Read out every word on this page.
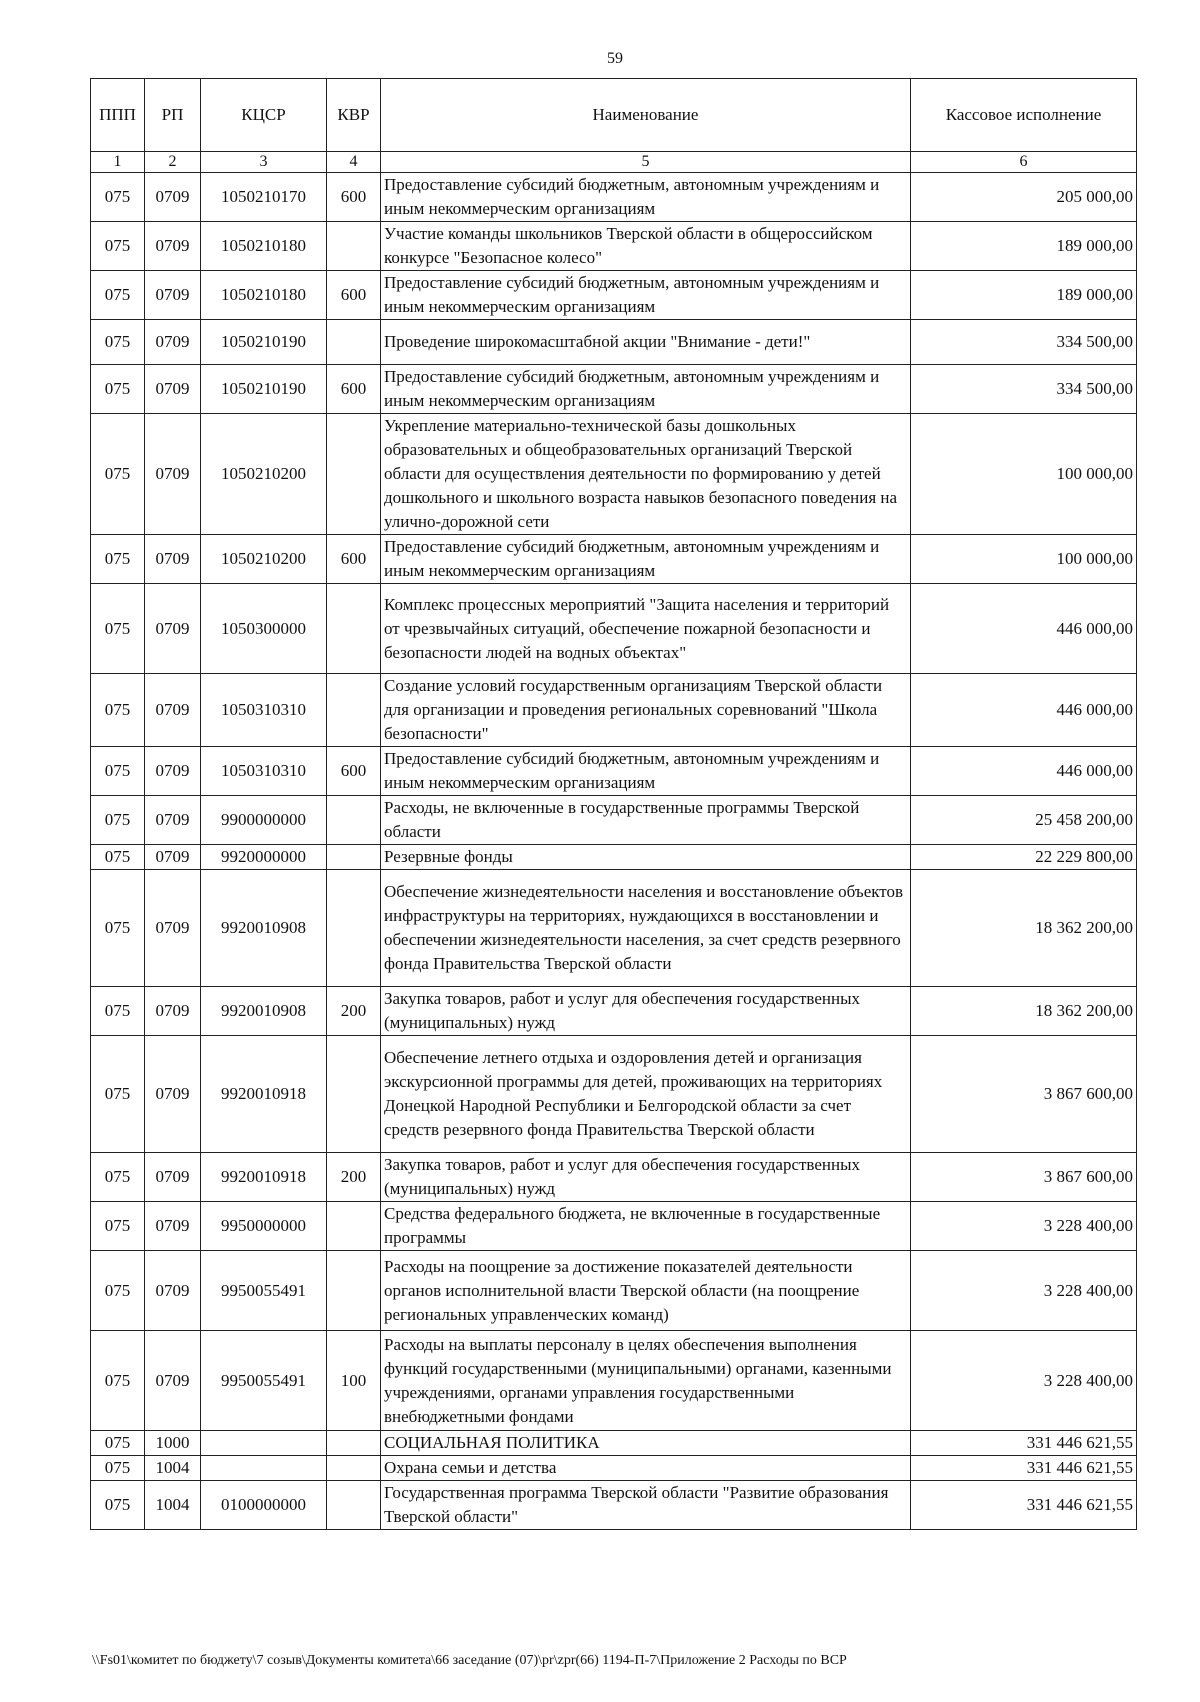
59
ППП	РП	КЦСР	КВР	Наименование	Кассовое исполнение
1	2	3	4	5	6
075	0709	1050210170	600	Предоставление субсидий бюджетным, автономным учреждениям и иным некоммерческим организациям	205 000,00
075	0709	1050210180		Участие команды школьников Тверской области в общероссийском конкурсе "Безопасное колесо"	189 000,00
075	0709	1050210180	600	Предоставление субсидий бюджетным, автономным учреждениям и иным некоммерческим организациям	189 000,00
075	0709	1050210190		Проведение широкомасштабной акции "Внимание - дети!"	334 500,00
075	0709	1050210190	600	Предоставление субсидий бюджетным, автономным учреждениям и иным некоммерческим организациям	334 500,00
075	0709	1050210200		Укрепление материально-технической базы дошкольных образовательных и общеобразовательных организаций Тверской области для осуществления деятельности по формированию у детей дошкольного и школьного возраста навыков безопасного поведения на улично-дорожной сети	100 000,00
075	0709	1050210200	600	Предоставление субсидий бюджетным, автономным учреждениям и иным некоммерческим организациям	100 000,00
075	0709	1050300000		Комплекс процессных мероприятий "Защита населения и территорий от чрезвычайных ситуаций, обеспечение пожарной безопасности и безопасности людей на водных объектах"	446 000,00
075	0709	1050310310		Создание условий государственным организациям Тверской области для организации и проведения региональных соревнований "Школа безопасности"	446 000,00
075	0709	1050310310	600	Предоставление субсидий бюджетным, автономным учреждениям и иным некоммерческим организациям	446 000,00
075	0709	9900000000		Расходы, не включенные в государственные программы Тверской области	25 458 200,00
075	0709	9920000000		Резервные фонды	22 229 800,00
075	0709	9920010908		Обеспечение жизнедеятельности населения и восстановление объектов инфраструктуры на территориях, нуждающихся в восстановлении и обеспечении жизнедеятельности населения, за счет средств резервного фонда Правительства Тверской области	18 362 200,00
075	0709	9920010908	200	Закупка товаров, работ и услуг для обеспечения государственных (муниципальных) нужд	18 362 200,00
075	0709	9920010918		Обеспечение летнего отдыха и оздоровления детей и организация экскурсионной программы для детей, проживающих на территориях Донецкой Народной Республики и Белгородской области за счет средств резервного фонда Правительства Тверской области	3 867 600,00
075	0709	9920010918	200	Закупка товаров, работ и услуг для обеспечения государственных (муниципальных) нужд	3 867 600,00
075	0709	9950000000		Средства федерального бюджета, не включенные в государственные программы	3 228 400,00
075	0709	9950055491		Расходы на поощрение за достижение показателей деятельности органов исполнительной власти Тверской области (на поощрение региональных управленческих команд)	3 228 400,00
075	0709	9950055491	100	Расходы на выплаты персоналу в целях обеспечения выполнения функций государственными (муниципальными) органами, казенными учреждениями, органами управления государственными внебюджетными фондами	3 228 400,00
075	1000			СОЦИАЛЬНАЯ ПОЛИТИКА	331 446 621,55
075	1004			Охрана семьи и детства	331 446 621,55
075	1004	0100000000		Государственная программа Тверской области "Развитие образования Тверской области"	331 446 621,55
\\Fs01\комитет по бюджету\7 созыв\Документы комитета\66 заседание (07)\pr\zpr(66) 1194-П-7\Приложение 2 Расходы по ВСР
